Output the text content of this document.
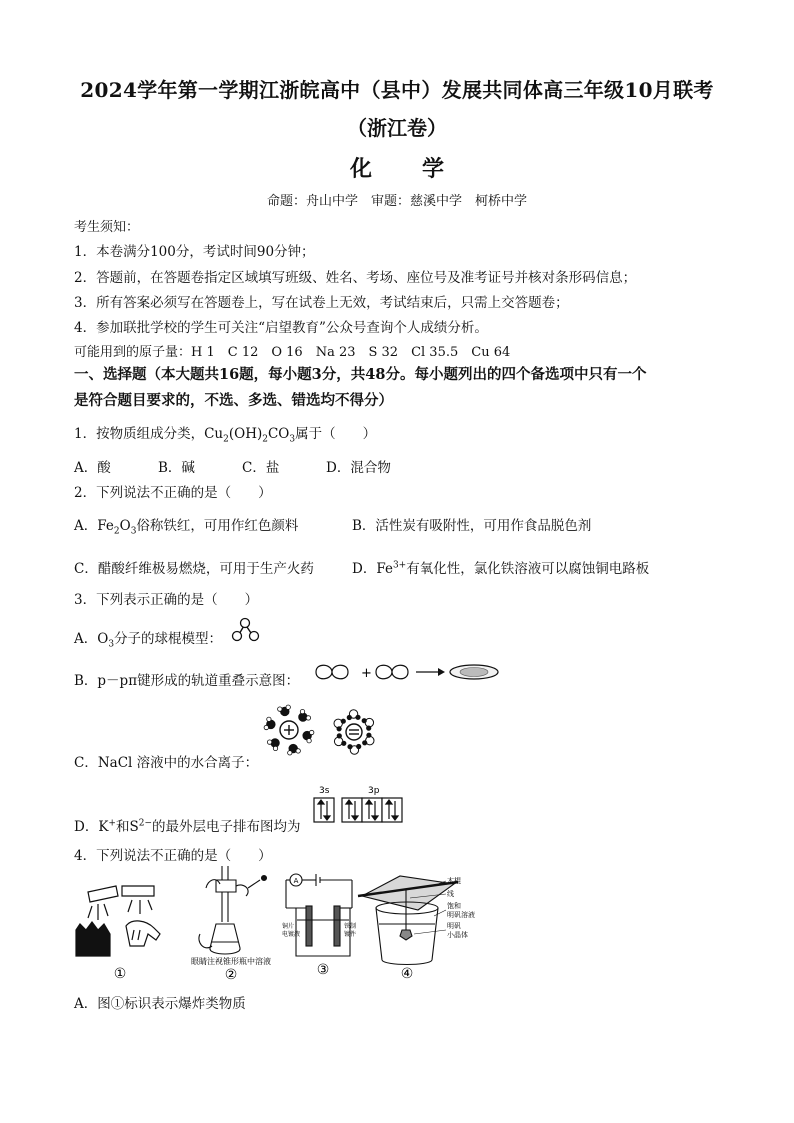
2024学年第一学期江浙皖高中（县中）发展共同体高三年级10月联考
（浙江卷）
化　学
命题：舟山中学　审题：慈溪中学　柯桥中学
考生须知：
1．本卷满分100分，考试时间90分钟；
2．答题前，在答题卷指定区域填写班级、姓名、考场、座位号及准考证号并核对条形码信息；
3．所有答案必须写在答题卷上，写在试卷上无效，考试结束后，只需上交答题卷；
4．参加联批学校的学生可关注“启望教育”公众号查询个人成绩分析。
可能用到的原子量：H 1　C 12　O 16　Na 23　S 32　Cl 35.5　Cu 64
一、选择题（本大题共16题，每小题3分，共48分。每小题列出的四个备选项中只有一个
是符合题目要求的，不选、多选、错选均不得分）
1．按物质组成分类，$Cu_2(OH)_2CO_3$属于（　　）
A．酸	B．碱	C．盐	D．混合物
2．下列说法不正确的是（　　）
A．$Fe_2O_3$俗称铁红，可用作红色颜料	B．活性炭有吸附性，可用作食品脱色剂
C．醋酸纤维极易燃烧，可用于生产火药	D．$Fe^{3+}$有氧化性，氯化铁溶液可以腐蚀铜电路板
3．下列表示正确的是（　　）
A．$O_3$分子的球棍模型：
B．p－pπ键形成的轨道重叠示意图：	+
C．NaCl 溶液中的水合离子：
D．K+和$S^{2-}$的最外层电子排布图均为
3s	3p
4．下列说法不正确的是（　　）
①
眼睛注视锥形瓶中溶液
②
A
铜片
电镀液
铁制
镀件
③
木棍
线
饱和
明矾溶液
明矾
小晶体
④
A．图①标识表示爆炸类物质
